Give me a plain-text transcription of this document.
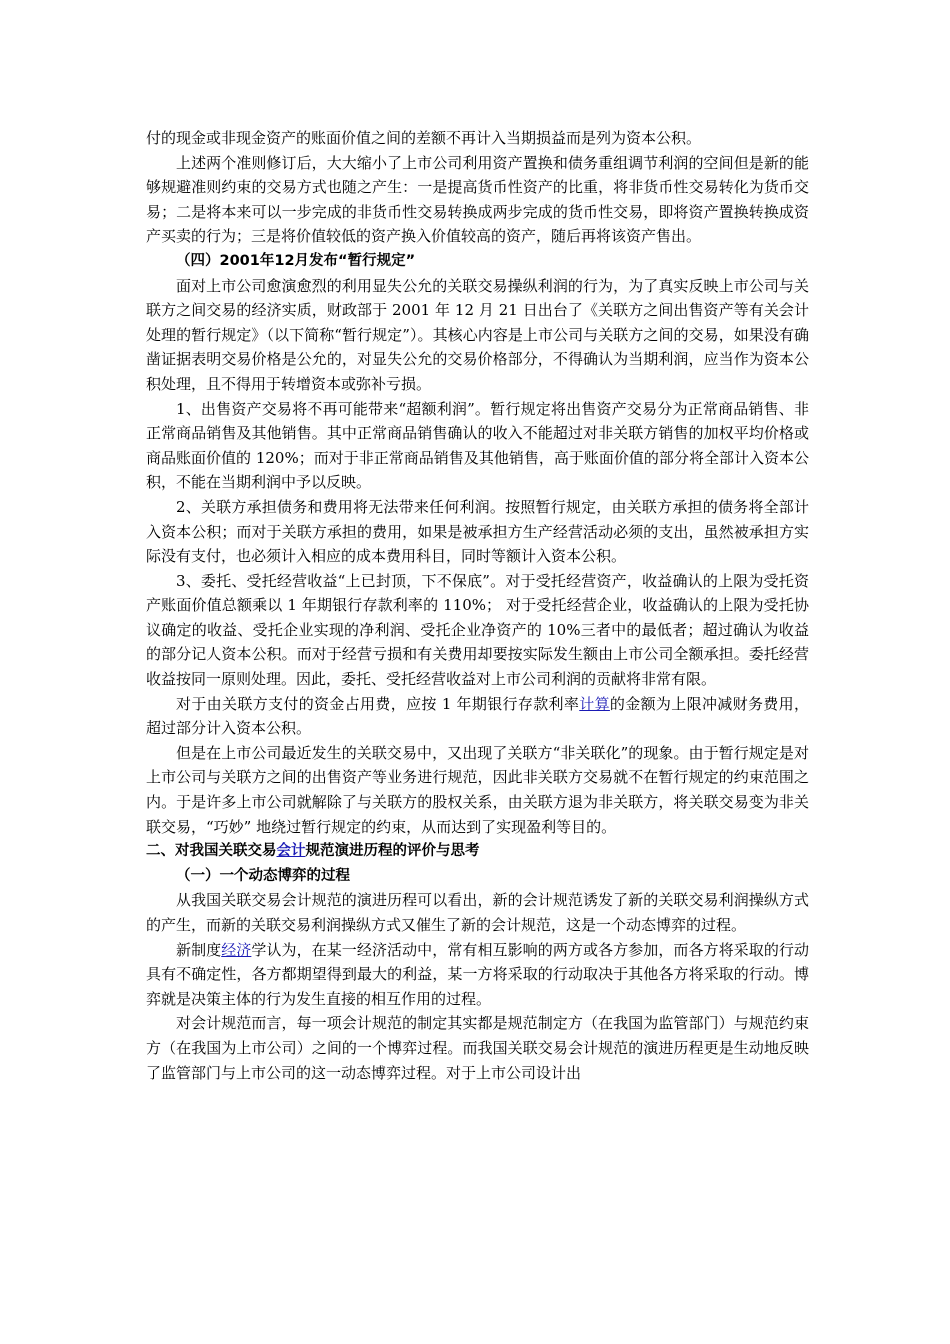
付的现金或非现金资产的账面价值之间的差额不再计入当期损益而是列为资本公积。

上述两个准则修订后，大大缩小了上市公司利用资产置换和债务重组调节利润的空间但是新的能够规避准则约束的交易方式也随之产生：一是提高货币性资产的比重，将非货币性交易转化为货币交易；二是将本来可以一步完成的非货币性交易转换成两步完成的货币性交易，即将资产置换转换成资产买卖的行为；三是将价值较低的资产换入价值较高的资产，随后再将该资产售出。

（四）2001年12月发布“暂行规定”

面对上市公司愈演愈烈的利用显失公允的关联交易操纵利润的行为，为了真实反映上市公司与关联方之间交易的经济实质，财政部于 2001 年 12 月 21 日出台了《关联方之间出售资产等有关会计处理的暂行规定》（以下简称“暂行规定”）。其核心内容是上市公司与关联方之间的交易，如果没有确凿证据表明交易价格是公允的，对显失公允的交易价格部分，不得确认为当期利润，应当作为资本公积处理，且不得用于转增资本或弥补亏损。

1、出售资产交易将不再可能带来“超额利润”。暂行规定将出售资产交易分为正常商品销售、非正常商品销售及其他销售。其中正常商品销售确认的收入不能超过对非关联方销售的加权平均价格或商品账面价值的 120%；而对于非正常商品销售及其他销售，高于账面价值的部分将全部计入资本公积，不能在当期利润中予以反映。

2、关联方承担债务和费用将无法带来任何利润。按照暂行规定，由关联方承担的债务将全部计入资本公积；而对于关联方承担的费用，如果是被承担方生产经营活动必须的支出，虽然被承担方实际没有支付，也必须计入相应的成本费用科目，同时等额计入资本公积。

3、委托、受托经营收益“上已封顶，下不保底”。对于受托经营资产，收益确认的上限为受托资产账面价值总额乘以 1 年期银行存款利率的 110%； 对于受托经营企业，收益确认的上限为受托协议确定的收益、受托企业实现的净利润、受托企业净资产的 10%三者中的最低者；超过确认为收益的部分记人资本公积。而对于经营亏损和有关费用却要按实际发生额由上市公司全额承担。委托经营收益按同一原则处理。因此，委托、受托经营收益对上市公司利润的贡献将非常有限。

对于由关联方支付的资金占用费，应按 1 年期银行存款利率计算的金额为上限冲减财务费用，超过部分计入资本公积。

但是在上市公司最近发生的关联交易中，又出现了关联方“非关联化”的现象。由于暂行规定是对上市公司与关联方之间的出售资产等业务进行规范，因此非关联方交易就不在暂行规定的约束范围之内。于是许多上市公司就解除了与关联方的股权关系，由关联方退为非关联方，将关联交易变为非关联交易，“巧妙” 地绕过暂行规定的约束，从而达到了实现盈利等目的。

二、对我国关联交易会计规范演进历程的评价与思考

（一）一个动态博弈的过程

从我国关联交易会计规范的演进历程可以看出，新的会计规范诱发了新的关联交易利润操纵方式的产生，而新的关联交易利润操纵方式又催生了新的会计规范，这是一个动态博弈的过程。

新制度经济学认为，在某一经济活动中，常有相互影响的两方或各方参加，而各方将采取的行动具有不确定性，各方都期望得到最大的利益，某一方将采取的行动取决于其他各方将采取的行动。博弈就是决策主体的行为发生直接的相互作用的过程。

对会计规范而言，每一项会计规范的制定其实都是规范制定方（在我国为监管部门）与规范约束方（在我国为上市公司）之间的一个博弈过程。而我国关联交易会计规范的演进历程更是生动地反映了监管部门与上市公司的这一动态博弈过程。对于上市公司设计出
